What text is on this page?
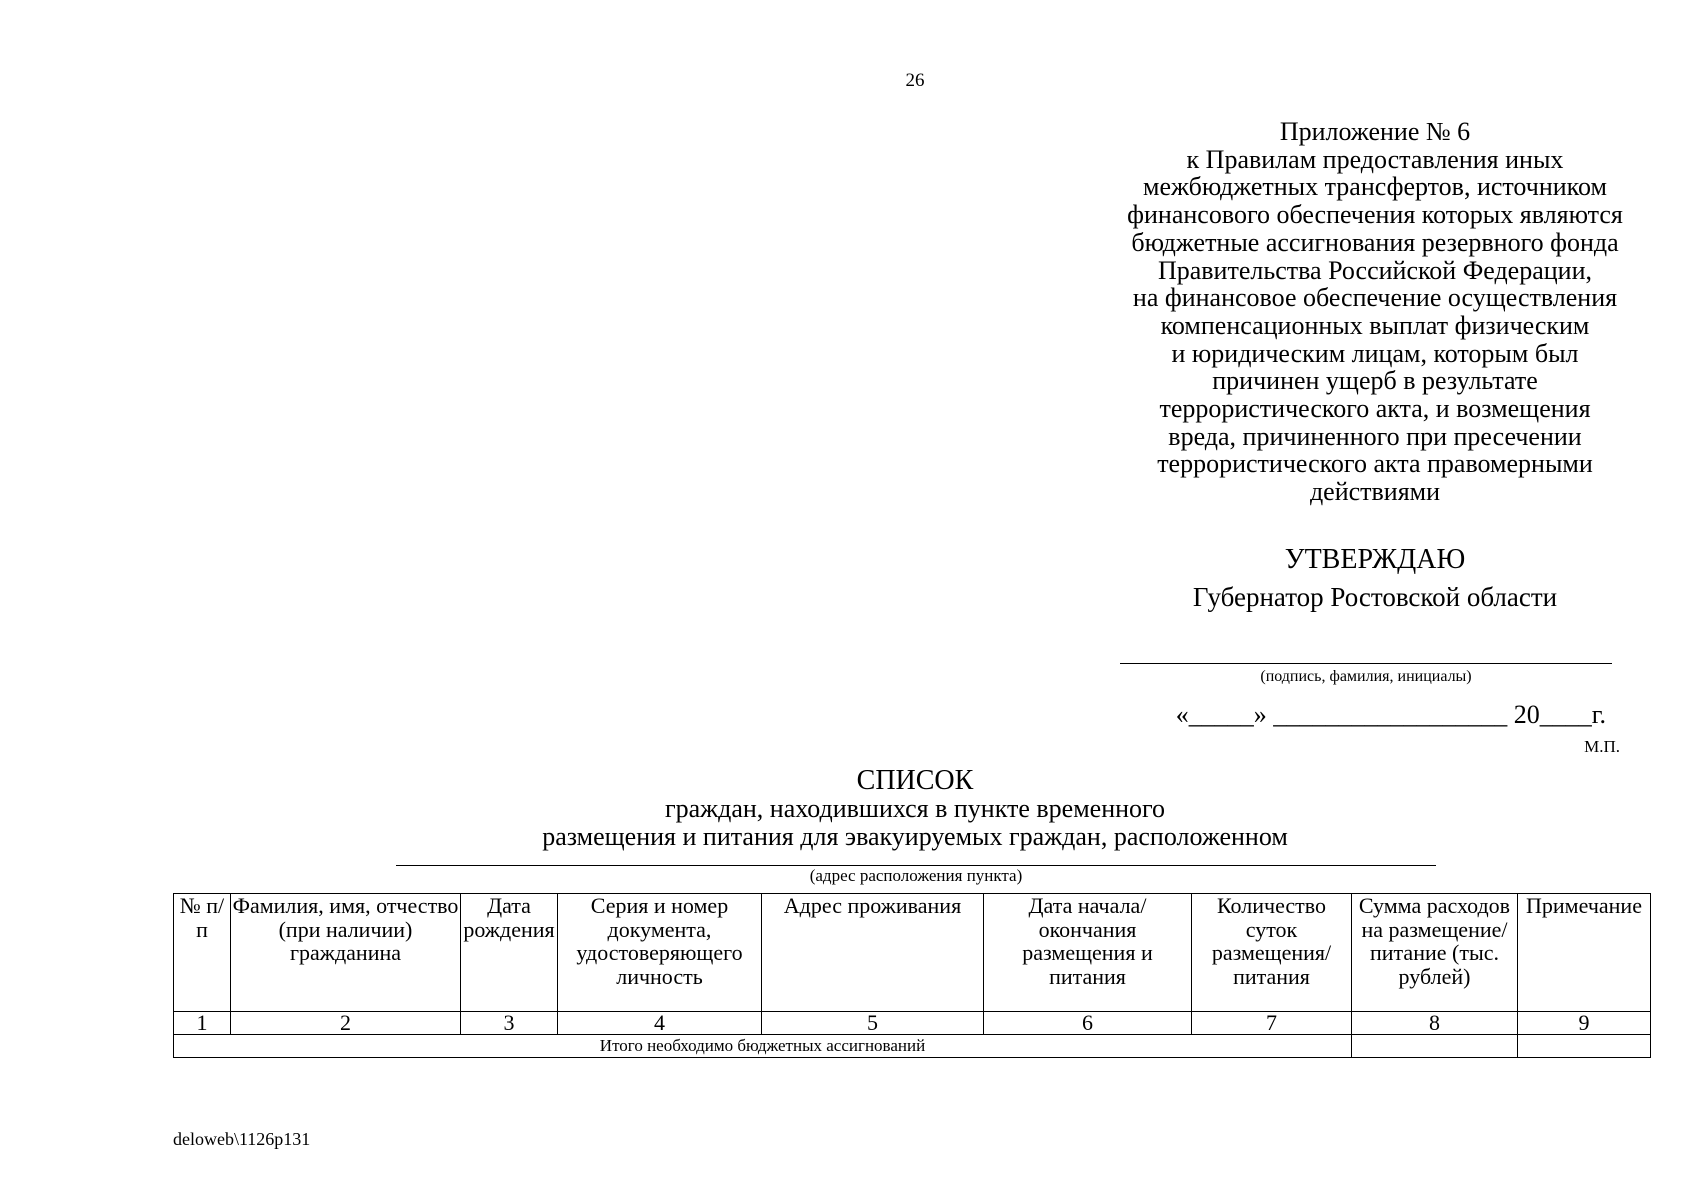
26
Приложение № 6
к Правилам предоставления иных
межбюджетных трансфертов, источником
финансового обеспечения которых являются
бюджетные ассигнования резервного фонда
Правительства Российской Федерации,
на финансовое обеспечение осуществления
компенсационных выплат физическим
и юридическим лицам, которым был
причинен ущерб в результате
террористического акта, и возмещения
вреда, причиненного при пресечении
террористического акта правомерными
действиями
УТВЕРЖДАЮ
Губернатор Ростовской области
(подпись, фамилия, инициалы)
«_____» __________________ 20____г.
М.П.
СПИСОК
граждан, находившихся в пункте временного
размещения и питания для эвакуируемых граждан, расположенном
(адрес расположения пункта)
№ п/п	Фамилия, имя, отчество (при наличии) гражданина	Дата рождения	Серия и номер документа, удостоверяющего личность	Адрес проживания	Дата начала/ окончания размещения и питания	Количество суток размещения/ питания	Сумма расходов на размещение/ питание (тыс. рублей)	Примечание
1	2	3	4	5	6	7	8	9
Итого необходимо бюджетных ассигнований								
deloweb\1126p131
